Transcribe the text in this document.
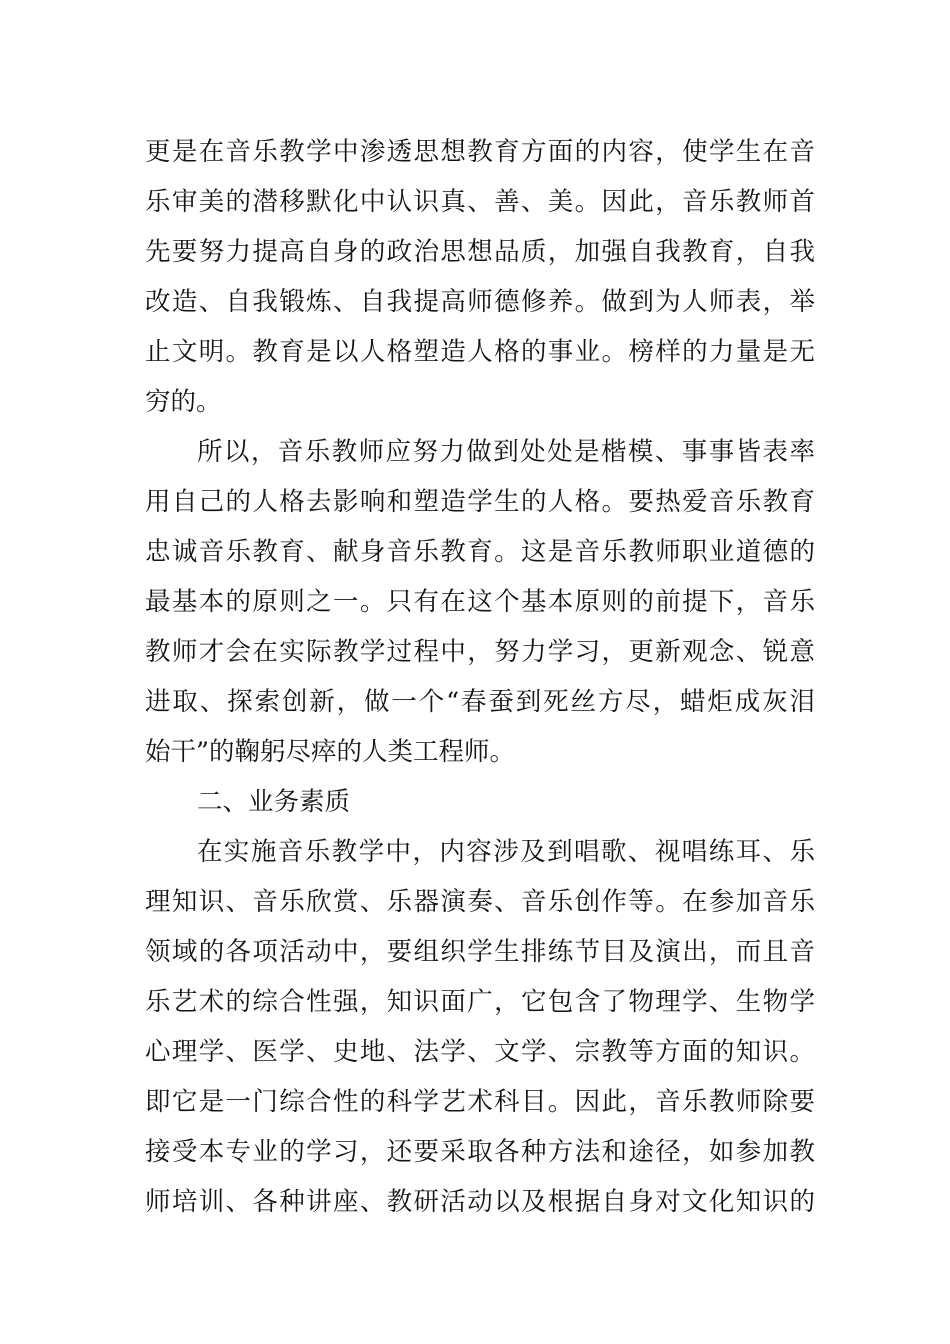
更是在音乐教学中渗透思想教育方面的内容，使学生在音
乐审美的潜移默化中认识真、善、美。因此，音乐教师首
先要努力提高自身的政治思想品质，加强自我教育，自我
改造、自我锻炼、自我提高师德修养。做到为人师表，举
止文明。教育是以人格塑造人格的事业。榜样的力量是无
穷的。
所以，音乐教师应努力做到处处是楷模、事事皆表率
用自己的人格去影响和塑造学生的人格。要热爱音乐教育
忠诚音乐教育、献身音乐教育。这是音乐教师职业道德的
最基本的原则之一。只有在这个基本原则的前提下，音乐
教师才会在实际教学过程中，努力学习，更新观念、锐意
进取、探索创新，做一个“春蚕到死丝方尽，蜡炬成灰泪
始干”的鞠躬尽瘁的人类工程师。
二、业务素质
在实施音乐教学中，内容涉及到唱歌、视唱练耳、乐
理知识、音乐欣赏、乐器演奏、音乐创作等。在参加音乐
领域的各项活动中，要组织学生排练节目及演出，而且音
乐艺术的综合性强，知识面广，它包含了物理学、生物学
心理学、医学、史地、法学、文学、宗教等方面的知识。
即它是一门综合性的科学艺术科目。因此，音乐教师除要
接受本专业的学习，还要采取各种方法和途径，如参加教
师培训、各种讲座、教研活动以及根据自身对文化知识的
